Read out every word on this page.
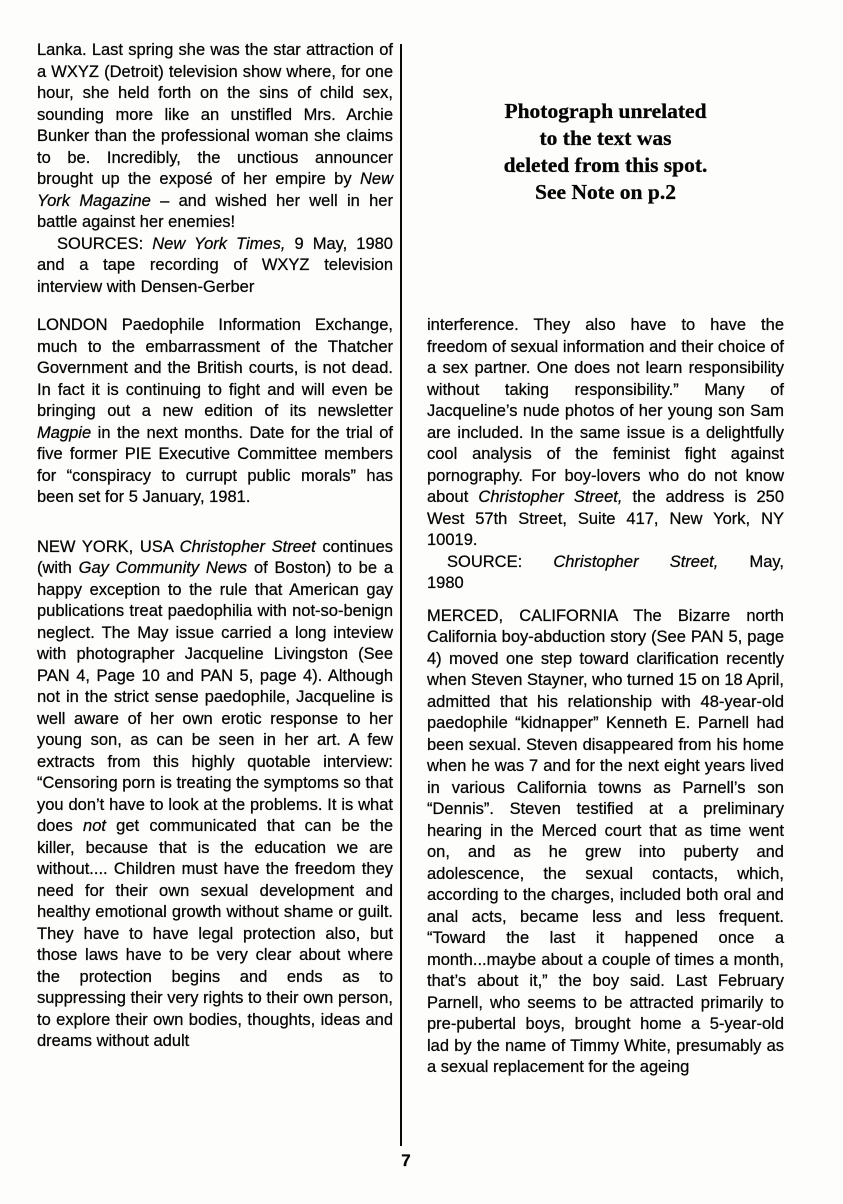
Lanka. Last spring she was the star attraction of a WXYZ (Detroit) television show where, for one hour, she held forth on the sins of child sex, sounding more like an unstifled Mrs. Archie Bunker than the professional woman she claims to be. Incredibly, the unctious announcer brought up the exposé of her empire by New York Magazine – and wished her well in her battle against her enemies!

SOURCES: New York Times, 9 May, 1980 and a tape recording of WXYZ television interview with Densen-Gerber

LONDON Paedophile Information Exchange, much to the embarrassment of the Thatcher Government and the British courts, is not dead. In fact it is continuing to fight and will even be bringing out a new edition of its newsletter Magpie in the next months. Date for the trial of five former PIE Executive Committee members for “conspiracy to currupt public morals” has been set for 5 January, 1981.

NEW YORK, USA Christopher Street continues (with Gay Community News of Boston) to be a happy exception to the rule that American gay publications treat paedophilia with not-so-benign neglect. The May issue carried a long inteview with photographer Jacqueline Livingston (See PAN 4, Page 10 and PAN 5, page 4). Although not in the strict sense paedophile, Jacqueline is well aware of her own erotic response to her young son, as can be seen in her art. A few extracts from this highly quotable interview: “Censoring porn is treating the symptoms so that you don’t have to look at the problems. It is what does not get communicated that can be the killer, because that is the education we are without.... Children must have the freedom they need for their own sexual development and healthy emotional growth without shame or guilt. They have to have legal protection also, but those laws have to be very clear about where the protection begins and ends as to suppressing their very rights to their own person, to explore their own bodies, thoughts, ideas and dreams without adult

Photograph unrelated
to the text was
deleted from this spot.
See Note on p.2

interference. They also have to have the freedom of sexual information and their choice of a sex partner. One does not learn responsibility without taking responsibility.” Many of Jacqueline’s nude photos of her young son Sam are included. In the same issue is a delightfully cool analysis of the feminist fight against pornography. For boy-lovers who do not know about Christopher Street, the address is 250 West 57th Street, Suite 417, New York, NY 10019.

SOURCE: Christopher Street, May,
1980

MERCED, CALIFORNIA The Bizarre north California boy-abduction story (See PAN 5, page 4) moved one step toward clarification recently when Steven Stayner, who turned 15 on 18 April, admitted that his relationship with 48-year-old paedophile “kidnapper” Kenneth E. Parnell had been sexual. Steven disappeared from his home when he was 7 and for the next eight years lived in various California towns as Parnell’s son “Dennis”. Steven testified at a preliminary hearing in the Merced court that as time went on, and as he grew into puberty and adolescence, the sexual contacts, which, according to the charges, included both oral and anal acts, became less and less frequent. “Toward the last it happened once a month...maybe about a couple of times a month, that’s about it,” the boy said. Last February Parnell, who seems to be attracted primarily to pre-pubertal boys, brought home a 5-year-old lad by the name of Timmy White, presumably as a sexual replacement for the ageing

7
